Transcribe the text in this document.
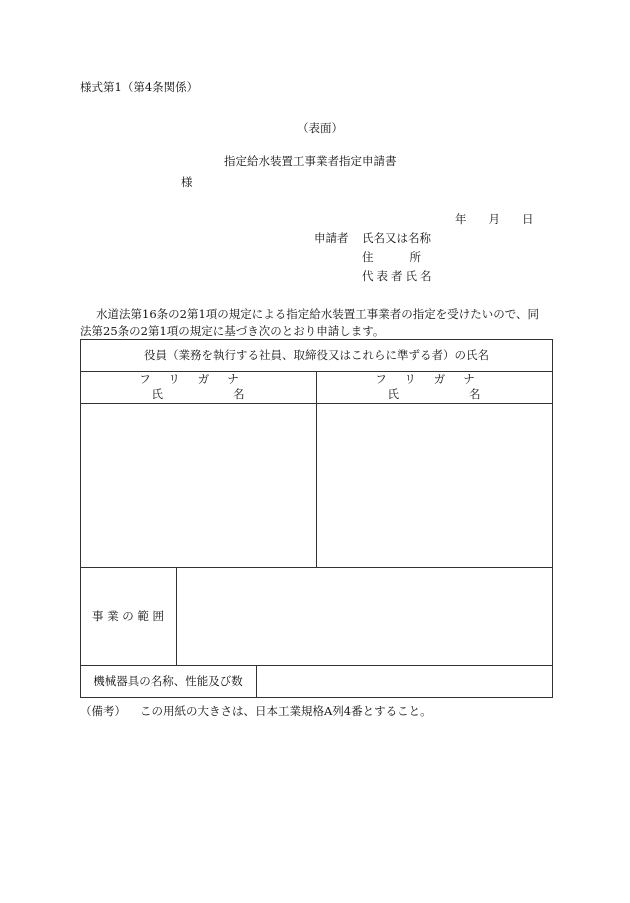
様式第1（第4条関係）
（表面）
指定給水装置工事業者指定申請書
様
年 月 日
申請者 氏名又は名称
住	所
代表者氏名
水道法第16条の2第1項の規定による指定給水装置工事業者の指定を受けたいので、同
法第25条の2第1項の規定に基づき次のとおり申請します。
役員（業務を執行する社員、取締役又はこれらに準ずる者）の氏名
フリガナ
氏	名
フリガナ
氏	名
事 業 の 範 囲
機械器具の名称、性能及び数
（備考） この用紙の大きさは、日本工業規格A列4番とすること。
